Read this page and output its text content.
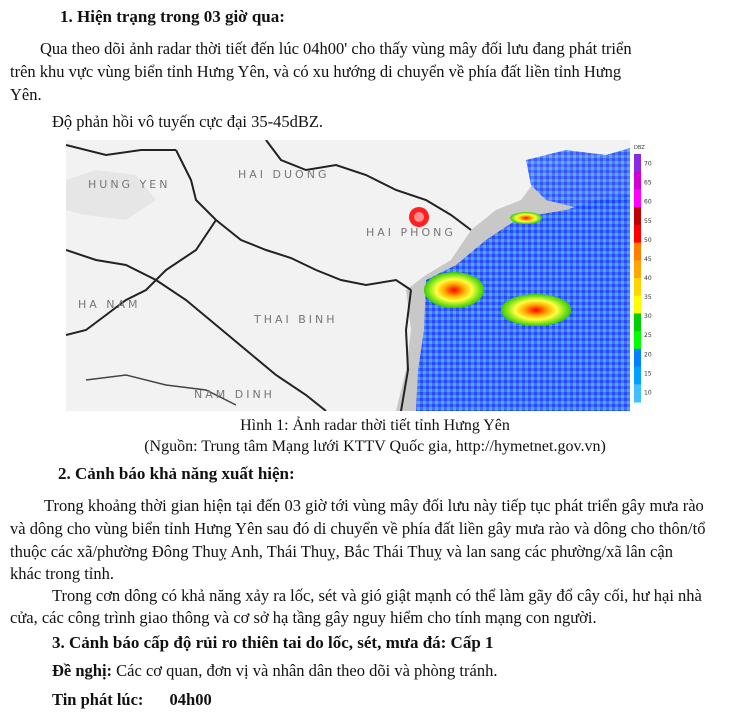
1. Hiện trạng trong 03 giờ qua:
Qua theo dõi ảnh radar thời tiết đến lúc 04h00' cho thấy vùng mây đối lưu đang phát triển
trên khu vực vùng biển tỉnh Hưng Yên, và có xu hướng di chuyển về phía đất liền tỉnh Hưng
Yên.
Độ phản hồi vô tuyến cực đại 35-45dBZ.
HUNG YEN
HAI DUONG
HAI PHONG
THAI BINH
HA NAM
NAM DINH
DBZ
70
65
60
55
50
45
40
35
30
25
20
15
10
Hình 1: Ảnh radar thời tiết tỉnh Hưng Yên
(Nguồn: Trung tâm Mạng lưới KTTV Quốc gia, http://hymetnet.gov.vn)
2. Cảnh báo khả năng xuất hiện:
Trong khoảng thời gian hiện tại đến 03 giờ tới vùng mây đối lưu này tiếp tục phát triển gây mưa rào
và dông cho vùng biển tỉnh Hưng Yên sau đó di chuyển về phía đất liền gây mưa rào và dông cho thôn/tổ
thuộc các xã/phường Đông Thuỵ Anh, Thái Thuỵ, Bắc Thái Thuỵ và lan sang các phường/xã lân cận
khác trong tỉnh.
Trong cơn dông có khả năng xảy ra lốc, sét và gió giật mạnh có thể làm gãy đổ cây cối, hư hại nhà
cửa, các công trình giao thông và cơ sở hạ tầng gây nguy hiểm cho tính mạng con người.
3. Cảnh báo cấp độ rủi ro thiên tai do lốc, sét, mưa đá: Cấp 1
Đề nghị: Các cơ quan, đơn vị và nhân dân theo dõi và phòng tránh.
Tin phát lúc: 04h00
